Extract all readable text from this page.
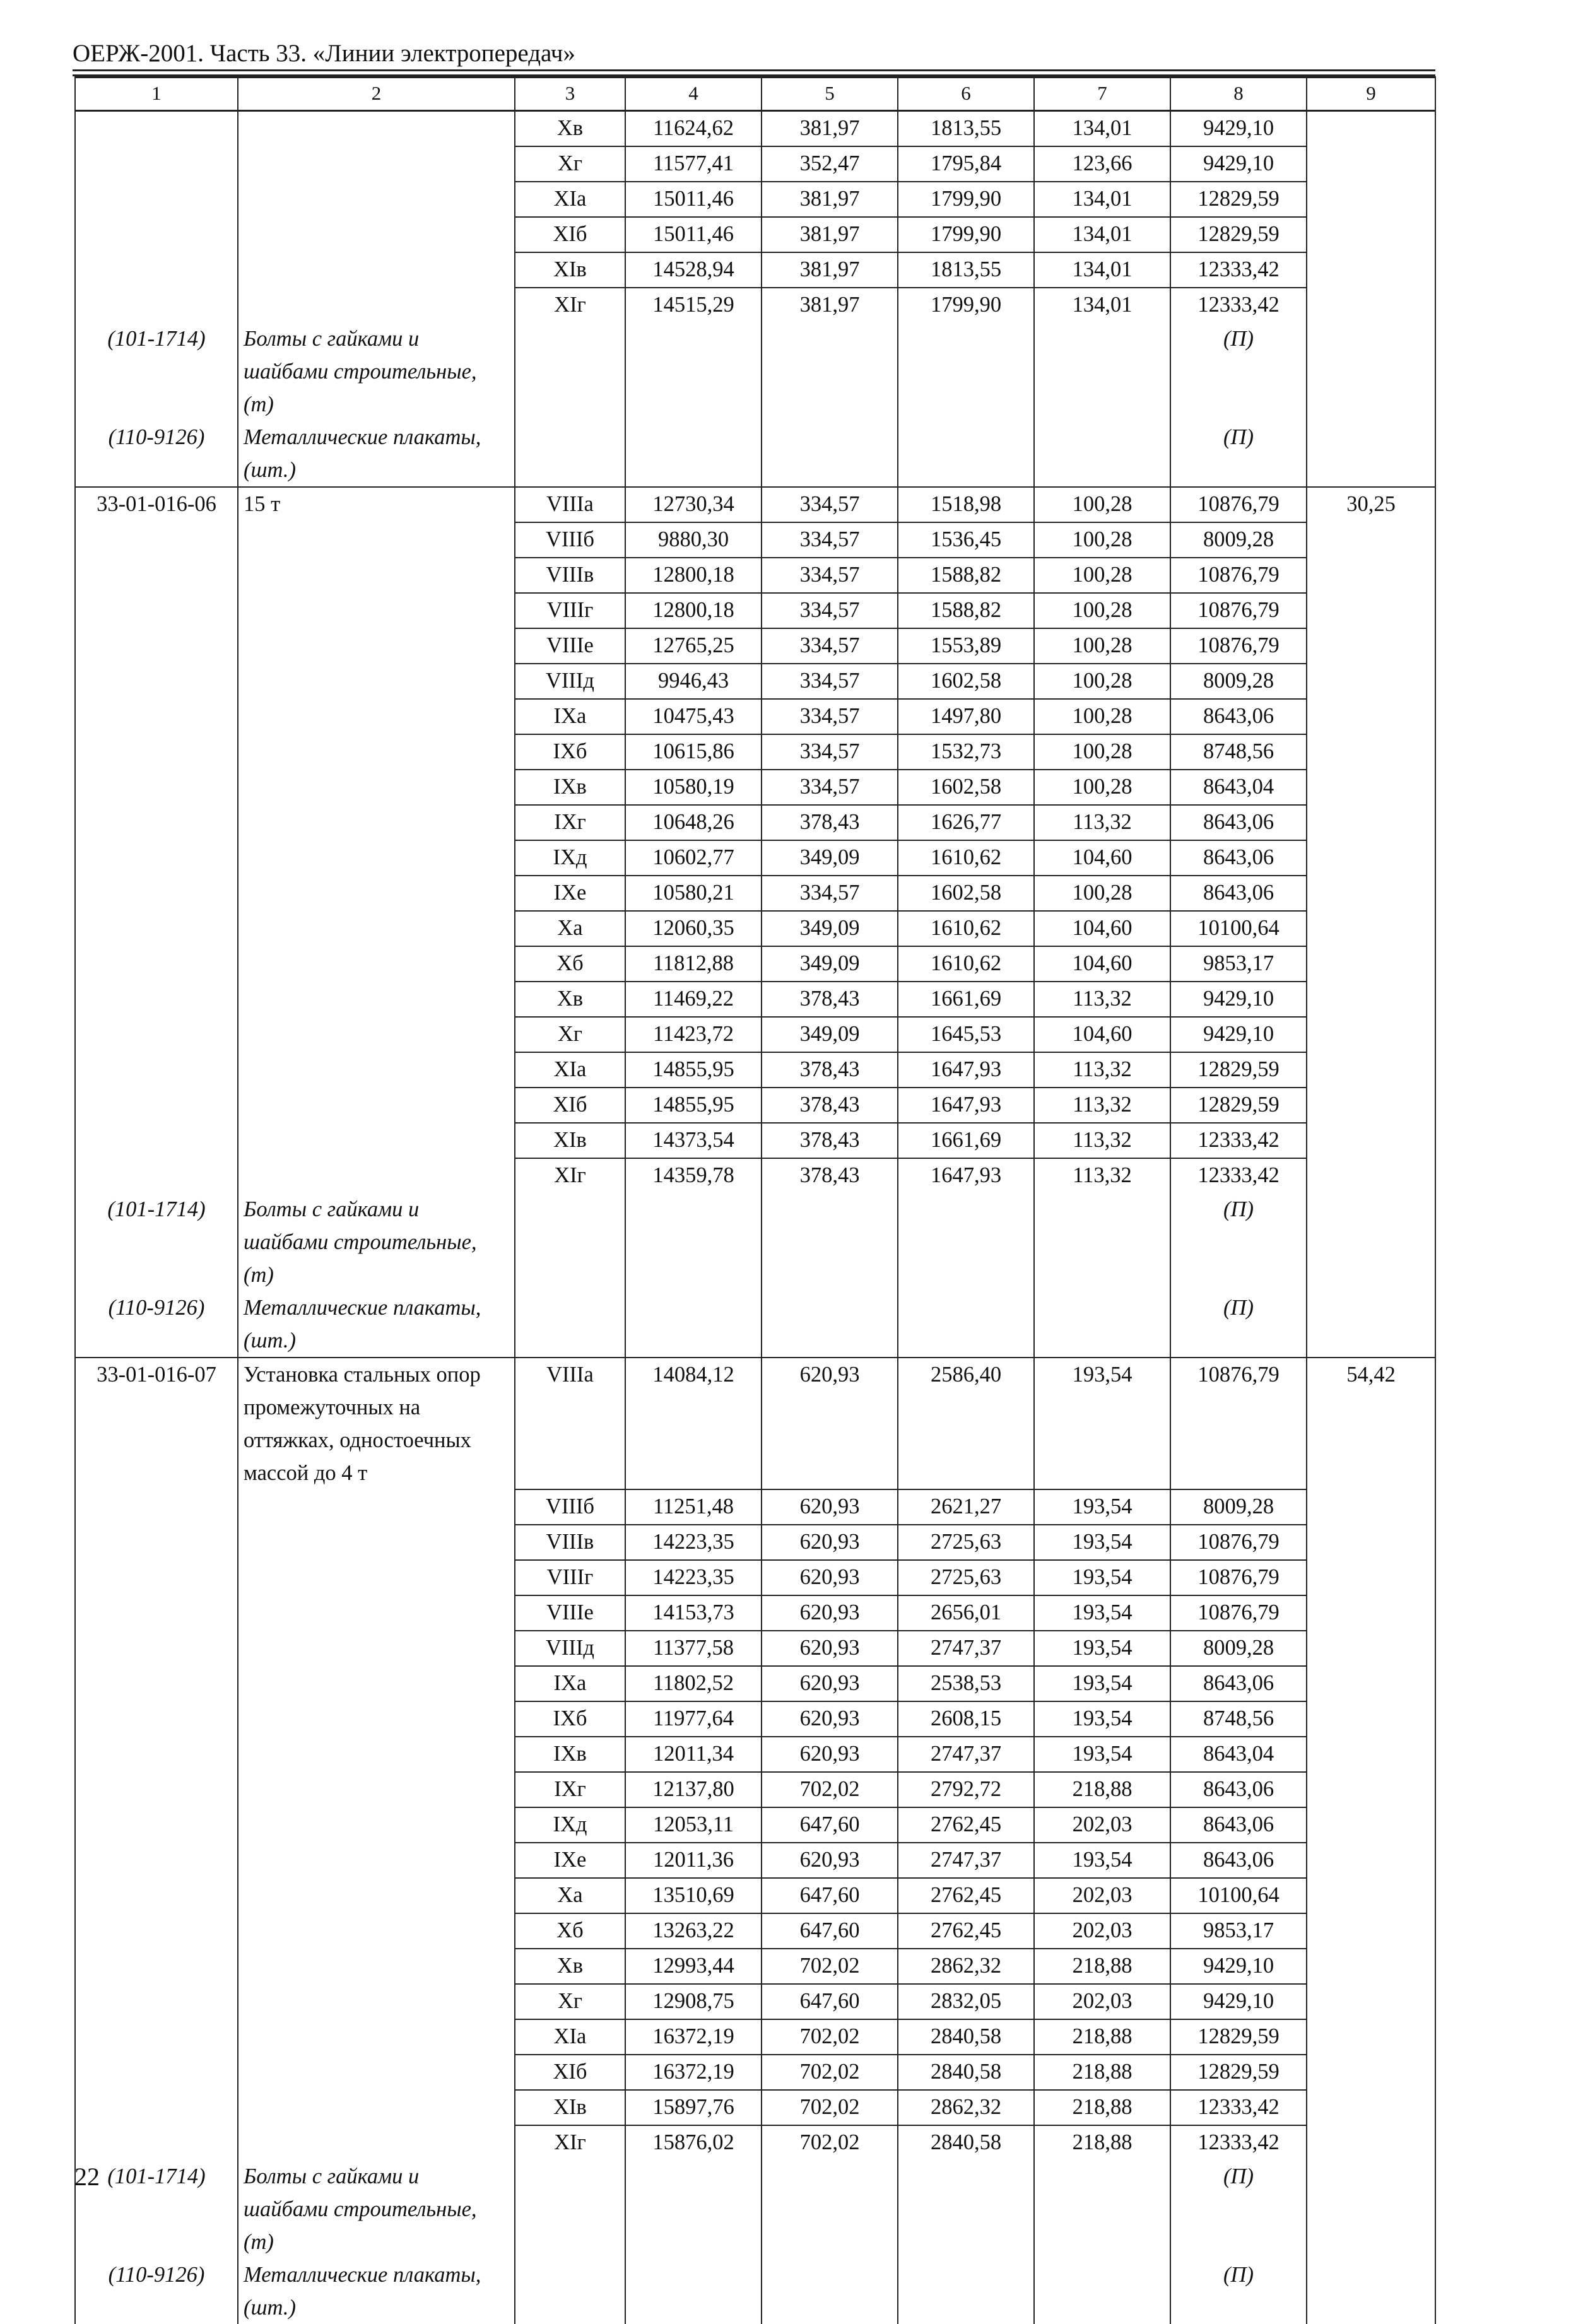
ОЕРЖ-2001. Часть 33. «Линии электропередач»
1	2	3	4	5	6	7	8	9
		Хв	11624,62	381,97	1813,55	134,01	9429,10	
		Хг	11577,41	352,47	1795,84	123,66	9429,10	
		ХIа	15011,46	381,97	1799,90	134,01	12829,59	
		ХIб	15011,46	381,97	1799,90	134,01	12829,59	
		ХIв	14528,94	381,97	1813,55	134,01	12333,42	
		ХIг	14515,29	381,97	1799,90	134,01	12333,42	
(101-1714)	Болты с гайками и шайбами строительные, (т)						(П)	
(110-9126)	Металлические плакаты, (шт.)						(П)	
33-01-016-06	15 т	VIIIа	12730,34	334,57	1518,98	100,28	10876,79	30,25
		VIIIб	9880,30	334,57	1536,45	100,28	8009,28	
		VIIIв	12800,18	334,57	1588,82	100,28	10876,79	
		VIIIг	12800,18	334,57	1588,82	100,28	10876,79	
		VIIIе	12765,25	334,57	1553,89	100,28	10876,79	
		VIIIд	9946,43	334,57	1602,58	100,28	8009,28	
		IХа	10475,43	334,57	1497,80	100,28	8643,06	
		IХб	10615,86	334,57	1532,73	100,28	8748,56	
		IХв	10580,19	334,57	1602,58	100,28	8643,04	
		IХг	10648,26	378,43	1626,77	113,32	8643,06	
		IХд	10602,77	349,09	1610,62	104,60	8643,06	
		IХе	10580,21	334,57	1602,58	100,28	8643,06	
		Ха	12060,35	349,09	1610,62	104,60	10100,64	
		Хб	11812,88	349,09	1610,62	104,60	9853,17	
		Хв	11469,22	378,43	1661,69	113,32	9429,10	
		Хг	11423,72	349,09	1645,53	104,60	9429,10	
		ХIа	14855,95	378,43	1647,93	113,32	12829,59	
		ХIб	14855,95	378,43	1647,93	113,32	12829,59	
		ХIв	14373,54	378,43	1661,69	113,32	12333,42	
		ХIг	14359,78	378,43	1647,93	113,32	12333,42	
(101-1714)	Болты с гайками и шайбами строительные, (т)						(П)	
(110-9126)	Металлические плакаты, (шт.)						(П)	
33-01-016-07	Установка стальных опор промежуточных на оттяжках, одностоечных массой до 4 т	VIIIа	14084,12	620,93	2586,40	193,54	10876,79	54,42
		VIIIб	11251,48	620,93	2621,27	193,54	8009,28	
		VIIIв	14223,35	620,93	2725,63	193,54	10876,79	
		VIIIг	14223,35	620,93	2725,63	193,54	10876,79	
		VIIIе	14153,73	620,93	2656,01	193,54	10876,79	
		VIIIд	11377,58	620,93	2747,37	193,54	8009,28	
		IХа	11802,52	620,93	2538,53	193,54	8643,06	
		IХб	11977,64	620,93	2608,15	193,54	8748,56	
		IХв	12011,34	620,93	2747,37	193,54	8643,04	
		IХг	12137,80	702,02	2792,72	218,88	8643,06	
		IХд	12053,11	647,60	2762,45	202,03	8643,06	
		IХе	12011,36	620,93	2747,37	193,54	8643,06	
		Ха	13510,69	647,60	2762,45	202,03	10100,64	
		Хб	13263,22	647,60	2762,45	202,03	9853,17	
		Хв	12993,44	702,02	2862,32	218,88	9429,10	
		Хг	12908,75	647,60	2832,05	202,03	9429,10	
		ХIа	16372,19	702,02	2840,58	218,88	12829,59	
		ХIб	16372,19	702,02	2840,58	218,88	12829,59	
		ХIв	15897,76	702,02	2862,32	218,88	12333,42	
		ХIг	15876,02	702,02	2840,58	218,88	12333,42	
(101-1714)	Болты с гайками и шайбами строительные, (т)						(П)	
(110-9126)	Металлические плакаты, (шт.)						(П)	
22
